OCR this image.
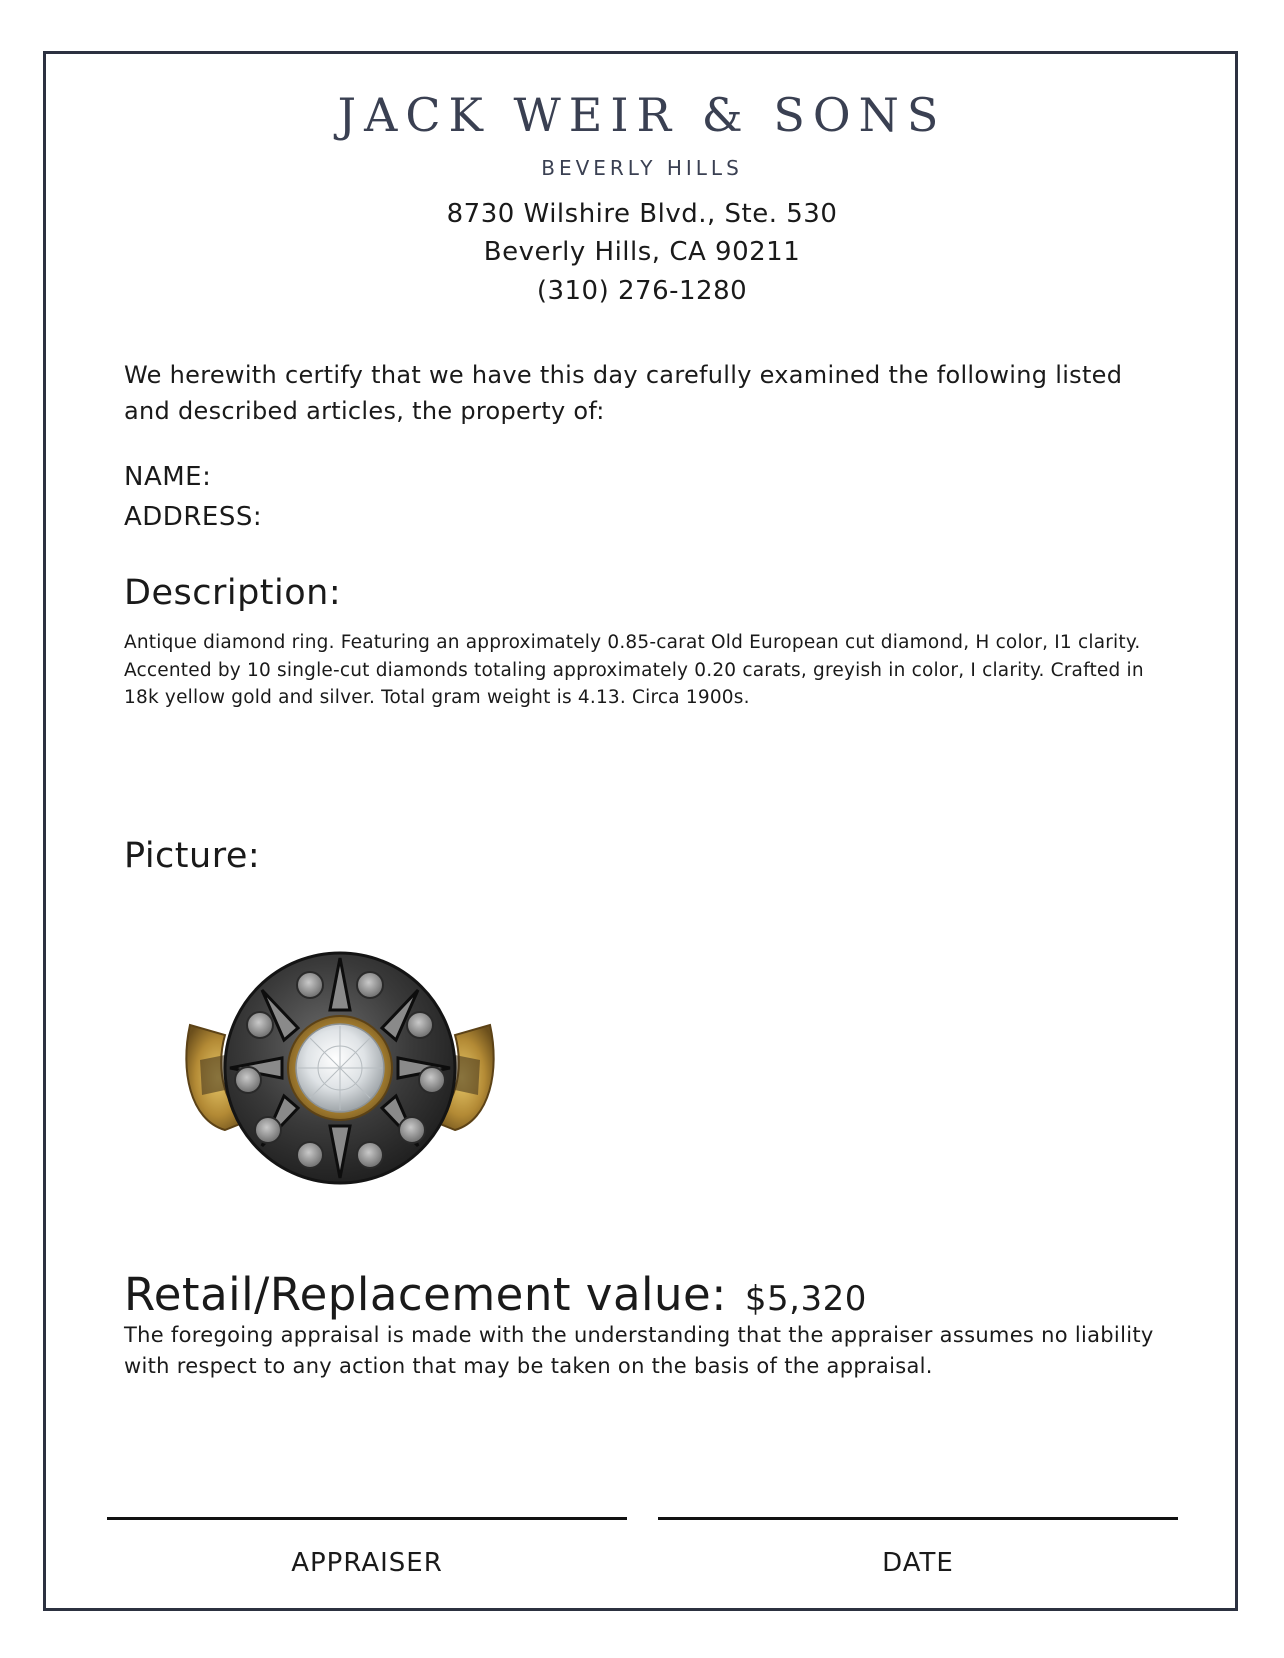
JACK WEIR & SONS
BEVERLY HILLS
8730 Wilshire Blvd., Ste. 530
Beverly Hills, CA 90211
(310) 276-1280
We herewith certify that we have this day carefully examined the following listed and described articles, the property of:
NAME:
ADDRESS:
Description:
Antique diamond ring. Featuring an approximately 0.85-carat Old European cut diamond, H color, I1 clarity. Accented by 10 single-cut diamonds totaling approximately 0.20 carats, greyish in color, I clarity. Crafted in 18k yellow gold and silver. Total gram weight is 4.13. Circa 1900s.
Picture:
Retail/Replacement value: $5,320
The foregoing appraisal is made with the understanding that the appraiser assumes no liability with respect to any action that may be taken on the basis of the appraisal.
APPRAISER	DATE
